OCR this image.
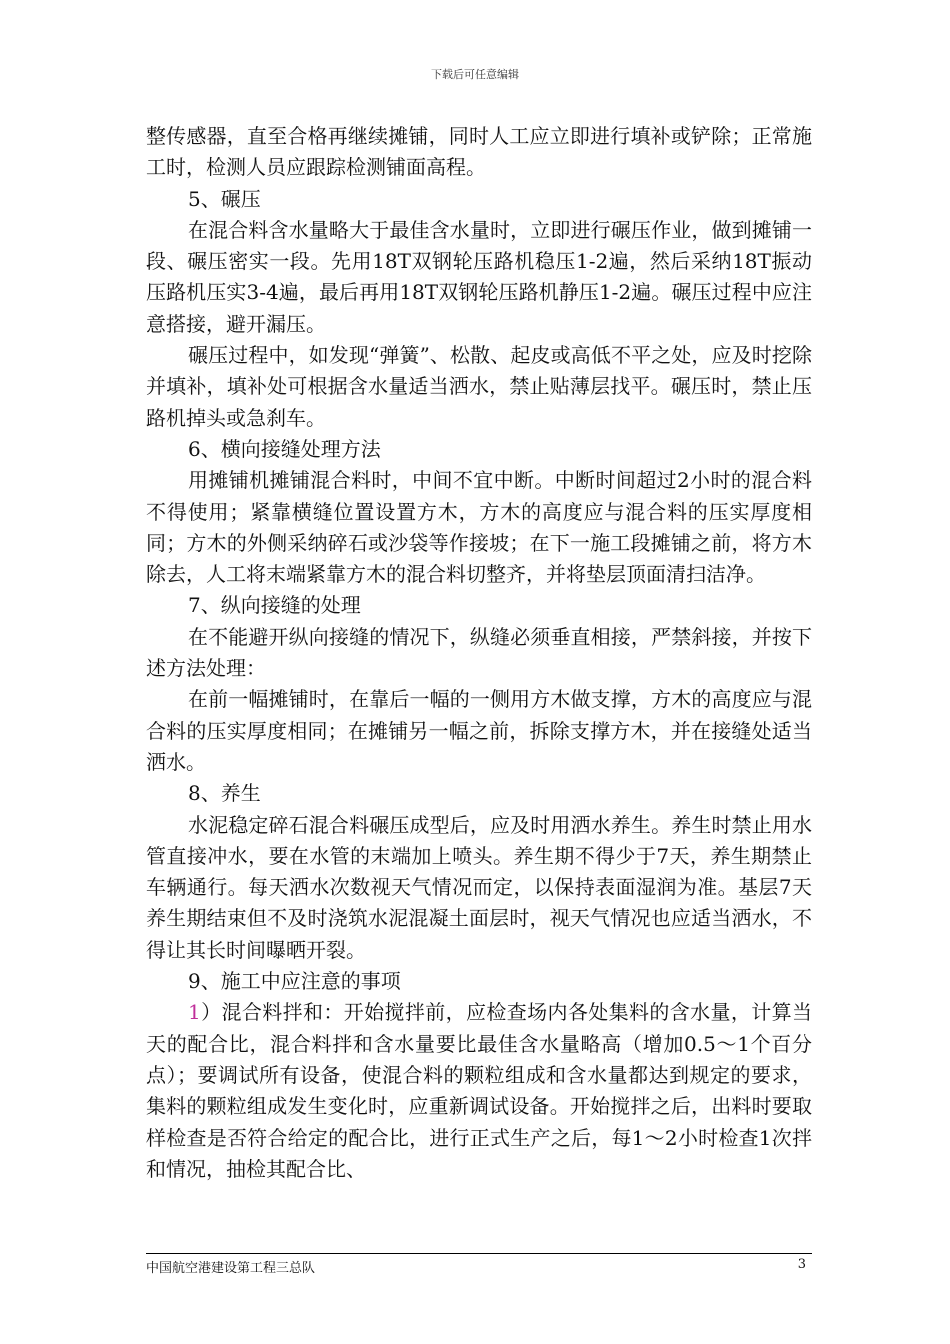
下载后可任意编辑

整传感器，直至合格再继续摊铺，同时人工应立即进行填补或铲除；正常施工时，检测人员应跟踪检测铺面高程。

5、碾压

在混合料含水量略大于最佳含水量时，立即进行碾压作业，做到摊铺一段、碾压密实一段。先用18T双钢轮压路机稳压1-2遍，然后采纳18T振动压路机压实3-4遍，最后再用18T双钢轮压路机静压1-2遍。碾压过程中应注意搭接，避开漏压。

碾压过程中，如发现“弹簧”、松散、起皮或高低不平之处，应及时挖除并填补，填补处可根据含水量适当洒水，禁止贴薄层找平。碾压时，禁止压路机掉头或急刹车。

6、横向接缝处理方法

用摊铺机摊铺混合料时，中间不宜中断。中断时间超过2小时的混合料不得使用；紧靠横缝位置设置方木，方木的高度应与混合料的压实厚度相同；方木的外侧采纳碎石或沙袋等作接坡；在下一施工段摊铺之前，将方木除去，人工将末端紧靠方木的混合料切整齐，并将垫层顶面清扫洁净。

7、纵向接缝的处理

在不能避开纵向接缝的情况下，纵缝必须垂直相接，严禁斜接，并按下述方法处理：

在前一幅摊铺时，在靠后一幅的一侧用方木做支撑，方木的高度应与混合料的压实厚度相同；在摊铺另一幅之前，拆除支撑方木，并在接缝处适当洒水。

8、养生

水泥稳定碎石混合料碾压成型后，应及时用洒水养生。养生时禁止用水管直接冲水，要在水管的末端加上喷头。养生期不得少于7天，养生期禁止车辆通行。每天洒水次数视天气情况而定，以保持表面湿润为准。基层7天养生期结束但不及时浇筑水泥混凝土面层时，视天气情况也应适当洒水，不得让其长时间曝晒开裂。

9、施工中应注意的事项

1）混合料拌和：开始搅拌前，应检查场内各处集料的含水量，计算当天的配合比，混合料拌和含水量要比最佳含水量略高（增加0.5～1个百分点）；要调试所有设备，使混合料的颗粒组成和含水量都达到规定的要求，集料的颗粒组成发生变化时，应重新调试设备。开始搅拌之后，出料时要取样检查是否符合给定的配合比，进行正式生产之后，每1～2小时检查1次拌和情况，抽检其配合比、

中国航空港建设第工程三总队	3
